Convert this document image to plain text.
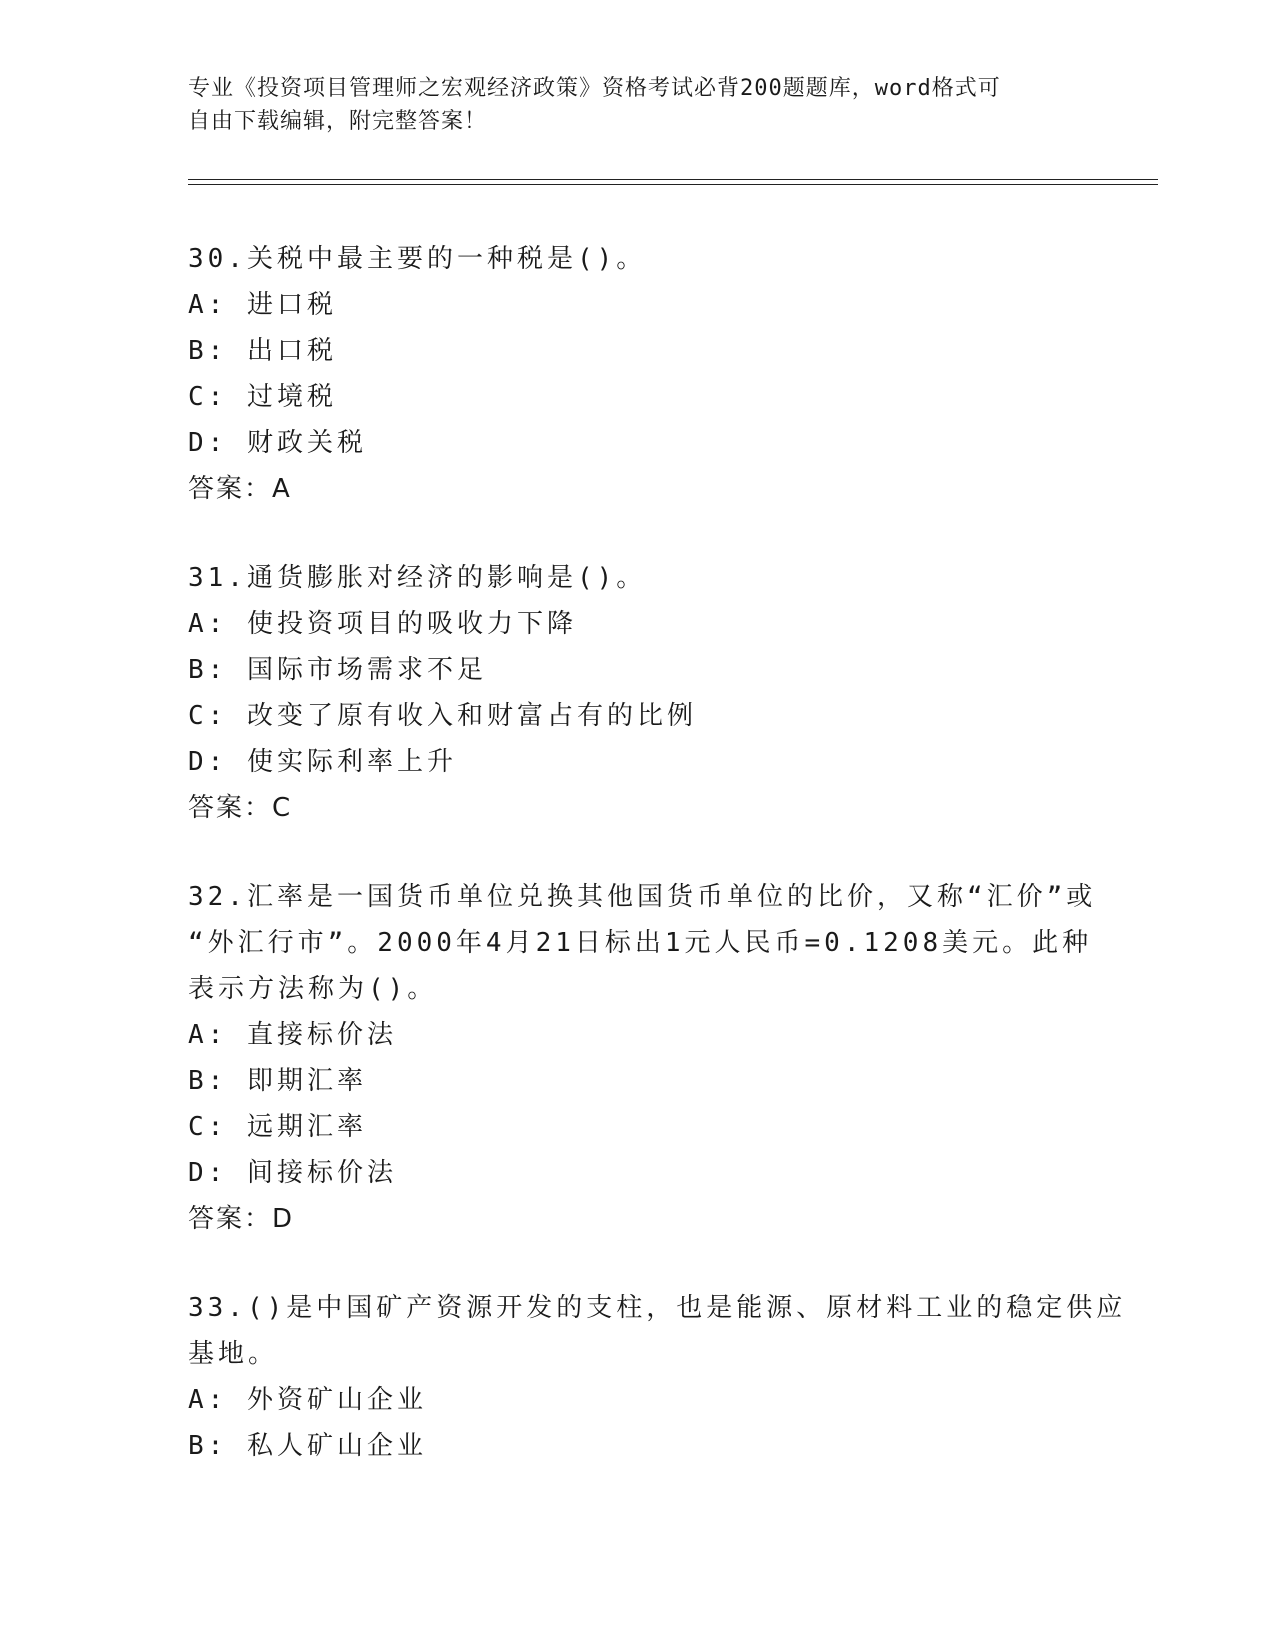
专业《投资项目管理师之宏观经济政策》资格考试必背200题题库，word格式可
自由下载编辑，附完整答案！
30.关税中最主要的一种税是()。
A: 进口税
B: 出口税
C: 过境税
D: 财政关税
答案：A
31.通货膨胀对经济的影响是()。
A: 使投资项目的吸收力下降
B: 国际市场需求不足
C: 改变了原有收入和财富占有的比例
D: 使实际利率上升
答案：C
32.汇率是一国货币单位兑换其他国货币单位的比价，又称“汇价”或
“外汇行市”。2000年4月21日标出1元人民币=0.1208美元。此种
表示方法称为()。
A: 直接标价法
B: 即期汇率
C: 远期汇率
D: 间接标价法
答案：D
33.()是中国矿产资源开发的支柱，也是能源、原材料工业的稳定供应
基地。
A: 外资矿山企业
B: 私人矿山企业
